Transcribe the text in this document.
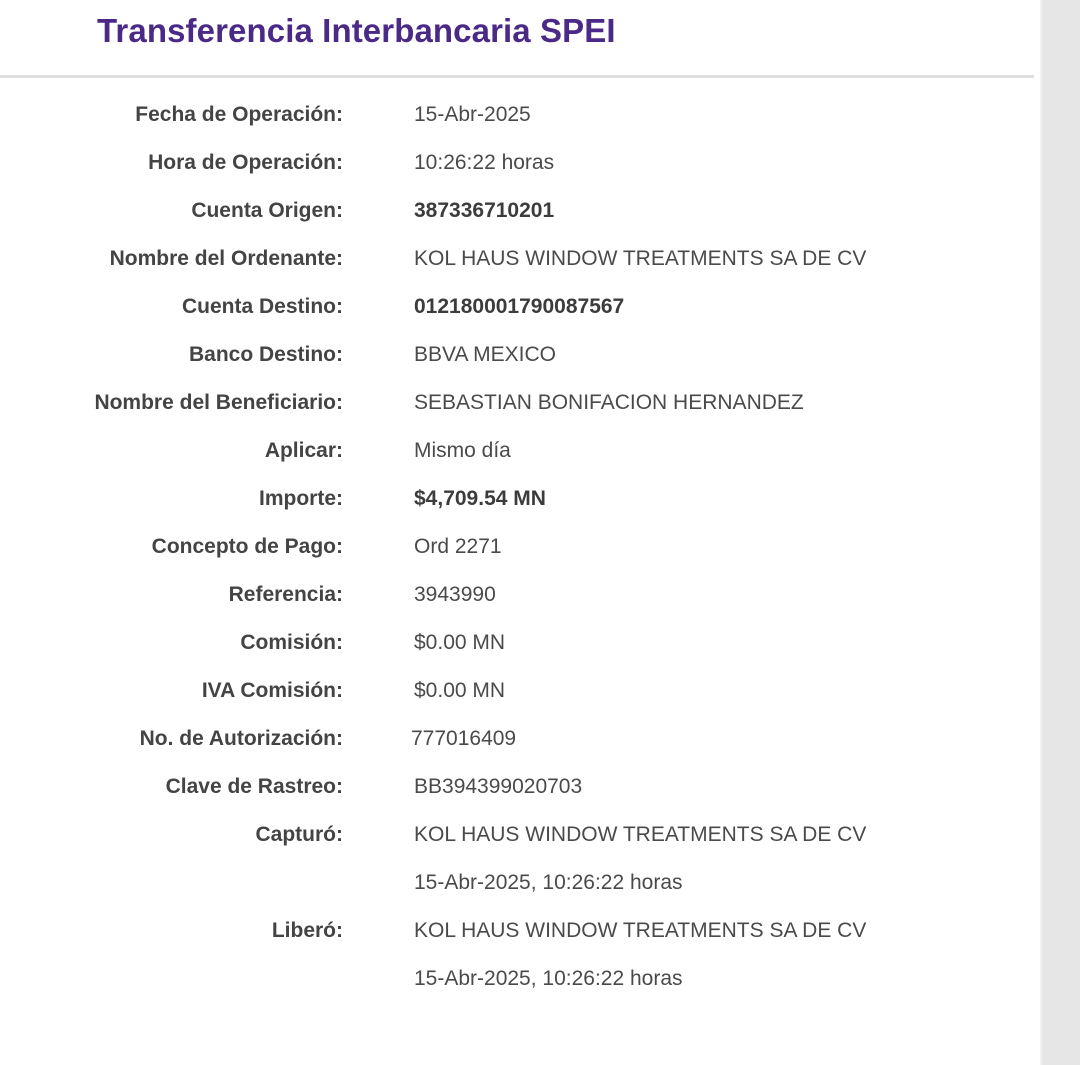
Transferencia Interbancaria SPEI
Fecha de Operación:	15-Abr-2025
Hora de Operación:	10:26:22 horas
Cuenta Origen:	387336710201
Nombre del Ordenante:	KOL HAUS WINDOW TREATMENTS SA DE CV
Cuenta Destino:	012180001790087567
Banco Destino:	BBVA MEXICO
Nombre del Beneficiario:	SEBASTIAN BONIFACION HERNANDEZ
Aplicar:	Mismo día
Importe:	$4,709.54 MN
Concepto de Pago:	Ord 2271
Referencia:	3943990
Comisión:	$0.00 MN
IVA Comisión:	$0.00 MN
No. de Autorización:	777016409
Clave de Rastreo:	BB394399020703
Capturó:	KOL HAUS WINDOW TREATMENTS SA DE CV
15-Abr-2025, 10:26:22 horas
Liberó:	KOL HAUS WINDOW TREATMENTS SA DE CV
15-Abr-2025, 10:26:22 horas
